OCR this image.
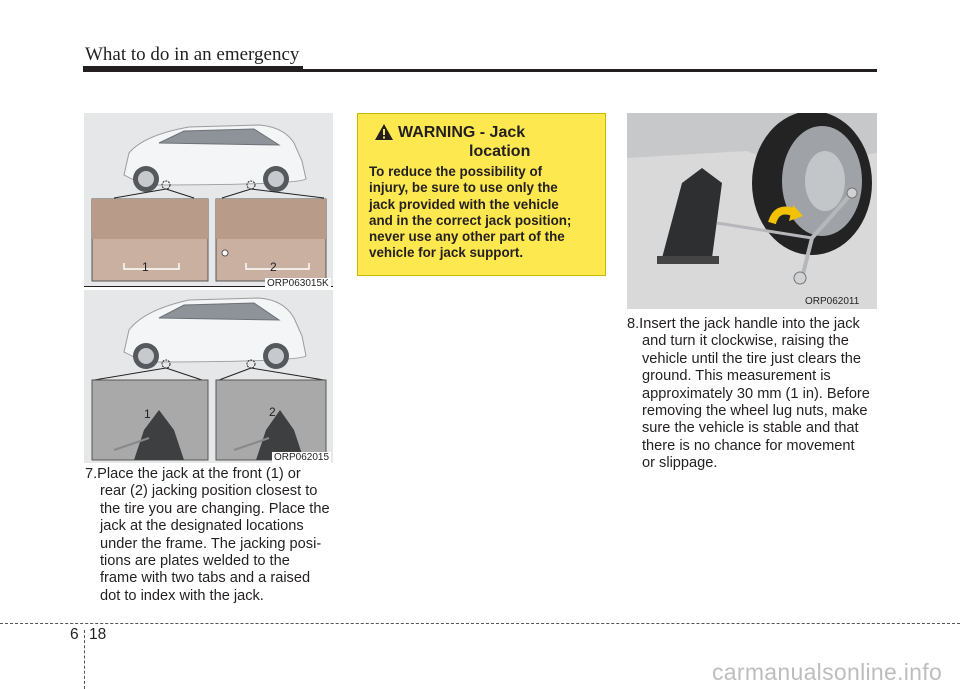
What to do in an emergency
1	2
ORP063015K
1	2
ORP062015
7.Place the jack at the front (1) or
rear (2) jacking position closest to
the tire you are changing. Place the
jack at the designated locations
under the frame. The jacking posi-
tions are plates welded to the
frame with two tabs and a raised
dot to index with the jack.
WARNING - Jack
location
To reduce the possibility of
injury, be sure to use only the
jack provided with the vehicle
and in the correct jack position;
never use any other part of the
vehicle for jack support.
ORP062011
8.Insert the jack handle into the jack
and turn it clockwise, raising the
vehicle until the tire just clears the
ground. This measurement is
approximately 30 mm (1 in). Before
removing the wheel lug nuts, make
sure the vehicle is stable and that
there is no chance for movement
or slippage.
6 18
carmanualsonline.info
